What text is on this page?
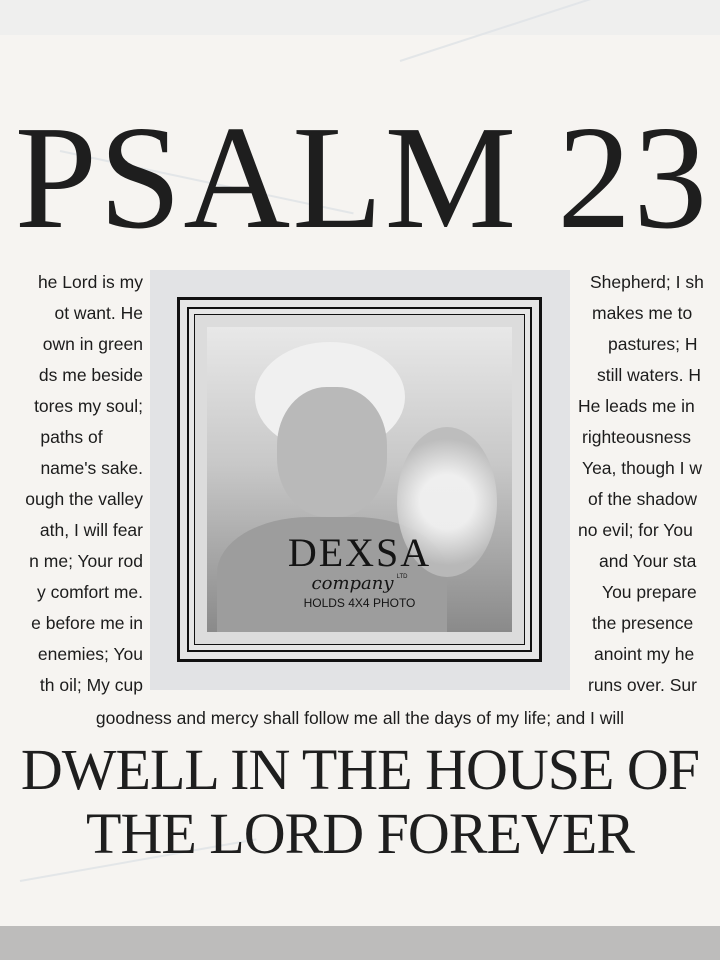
PSALM 23
he Lord is my
ot want. He
own in green
ds me beside
tores my soul;
paths of
name's sake.
ough the valley
ath, I will fear
n me; Your rod
y comfort me.
e before me in
enemies; You
th oil; My cup
Shepherd; I sh
makes me to
pastures; H
still waters. H
He leads me in
righteousness
Yea, though I w
of the shadow
no evil; for You
and Your sta
You prepare
the presence
anoint my he
runs over. Sur
DEXSA
company LTD
HOLDS 4X4 PHOTO
goodness and mercy shall follow me all the days of my life; and I will
DWELL IN THE HOUSE OF
THE LORD FOREVER
